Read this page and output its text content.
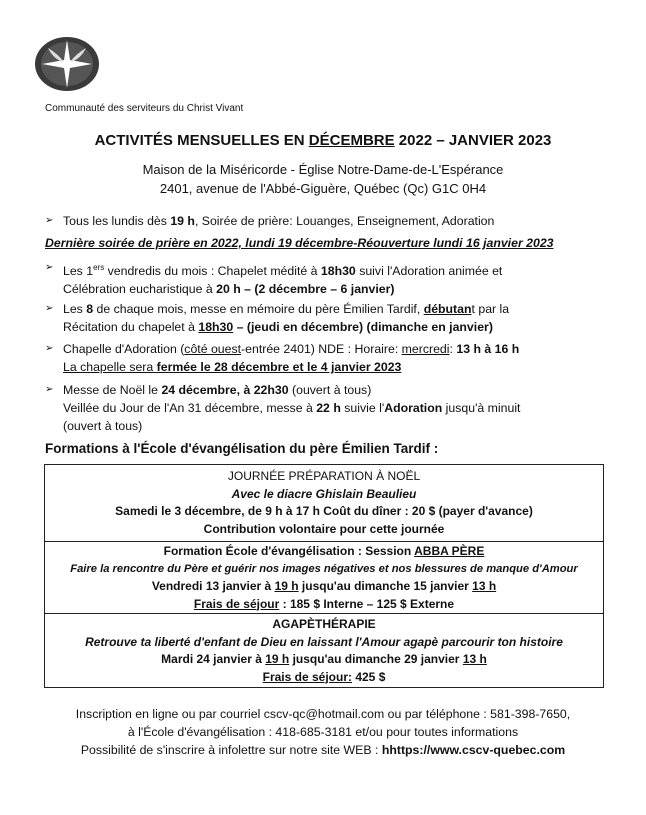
Communauté des serviteurs du Christ Vivant
ACTIVITÉS MENSUELLES EN DÉCEMBRE 2022 – JANVIER 2023
Maison de la Miséricorde - Église Notre-Dame-de-L'Espérance
2401, avenue de l'Abbé-Giguère, Québec (Qc) G1C 0H4
➢ Tous les lundis dès 19 h, Soirée de prière: Louanges, Enseignement, Adoration
Dernière soirée de prière en 2022, lundi 19 décembre-Réouverture lundi 16 janvier 2023
➢ Les 1ers vendredis du mois : Chapelet médité à 18h30 suivi l'Adoration animée et
Célébration eucharistique à 20 h – (2 décembre – 6 janvier)
➢ Les 8 de chaque mois, messe en mémoire du père Émilien Tardif, débutant par la
Récitation du chapelet à 18h30 – (jeudi en décembre) (dimanche en janvier)
➢ Chapelle d'Adoration (côté ouest-entrée 2401) NDE : Horaire: mercredi: 13 h à 16 h
La chapelle sera fermée le 28 décembre et le 4 janvier 2023
➢ Messe de Noël le 24 décembre, à 22h30 (ouvert à tous)
Veillée du Jour de l'An 31 décembre, messe à 22 h suivie l'Adoration jusqu'à minuit
(ouvert à tous)
Formations à l'École d'évangélisation du père Émilien Tardif :
JOURNÉE PRÉPARATION À NOËL
Avec le diacre Ghislain Beaulieu
Samedi le 3 décembre, de 9 h à 17 h Coût du dîner : 20 $ (payer d'avance)
Contribution volontaire pour cette journée
Formation École d'évangélisation : Session ABBA PÈRE
Faire la rencontre du Père et guérir nos images négatives et nos blessures de manque d'Amour
Vendredi 13 janvier à 19 h jusqu'au dimanche 15 janvier 13 h
Frais de séjour : 185 $ Interne – 125 $ Externe
AGAPÈTHÉRAPIE
Retrouve ta liberté d'enfant de Dieu en laissant l'Amour agapè parcourir ton histoire
Mardi 24 janvier à 19 h jusqu'au dimanche 29 janvier 13 h
Frais de séjour: 425 $
Inscription en ligne ou par courriel cscv-qc@hotmail.com ou par téléphone : 581-398-7650,
à l'École d'évangélisation : 418-685-3181 et/ou pour toutes informations
Possibilité de s'inscrire à infolettre sur notre site WEB : hhttps://www.cscv-quebec.com
